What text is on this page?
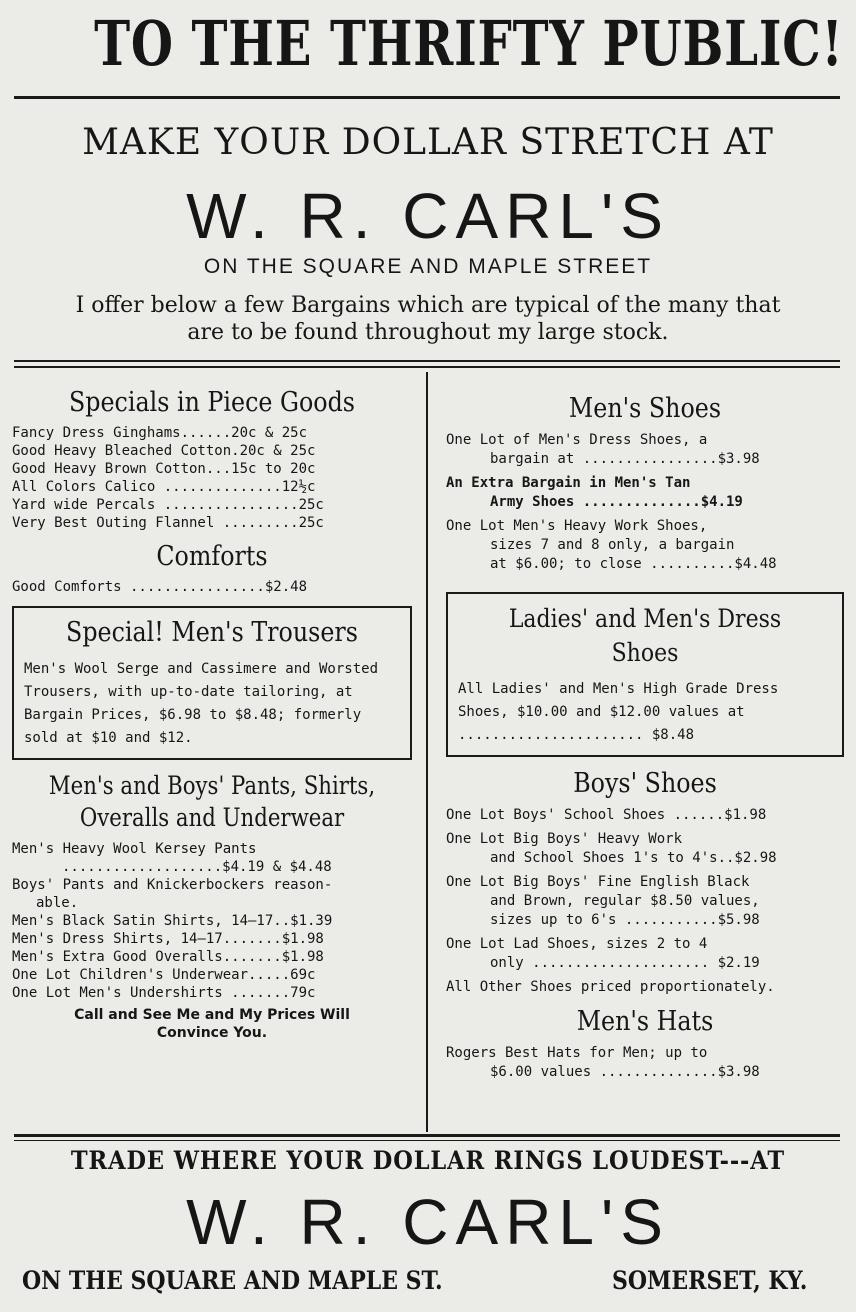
TO THE THRIFTY PUBLIC!
MAKE YOUR DOLLAR STRETCH AT
W. R. CARL'S
ON THE SQUARE AND MAPLE STREET
I offer below a few Bargains which are typical of the many that
are to be found throughout my large stock.
Specials in Piece Goods
Fancy Dress Ginghams......20c & 25c
Good Heavy Bleached Cotton.20c & 25c
Good Heavy Brown Cotton...15c to 20c
All Colors Calico ..............12½c
Yard wide Percals ................25c
Very Best Outing Flannel .........25c
Comforts
Good Comforts ................$2.48
Special! Men's Trousers
Men's Wool Serge and Cassimere and Worsted Trousers, with up-to-date tailoring, at Bargain Prices, $6.98 to $8.48; formerly sold at $10 and $12.
Men's and Boys' Pants, Shirts,
Overalls and Underwear
Men's Heavy Wool Kersey Pants
...................$4.19 & $4.48
Boys' Pants and Knickerbockers reason-
able.
Men's Black Satin Shirts, 14—17..$1.39
Men's Dress Shirts, 14—17.......$1.98
Men's Extra Good Overalls.......$1.98
One Lot Children's Underwear.....69c
One Lot Men's Undershirts .......79c
Call and See Me and My Prices Will
Convince You.
Men's Shoes
One Lot of Men's Dress Shoes, a
bargain at ................$3.98
An Extra Bargain in Men's Tan
Army Shoes ..............$4.19
One Lot Men's Heavy Work Shoes,
sizes 7 and 8 only, a bargain
at $6.00; to close ..........$4.48
Ladies' and Men's Dress Shoes
All Ladies' and Men's High Grade Dress Shoes, $10.00 and $12.00 values at ...................... $8.48
Boys' Shoes
One Lot Boys' School Shoes ......$1.98
One Lot Big Boys' Heavy Work
and School Shoes 1's to 4's..$2.98
One Lot Big Boys' Fine English Black
and Brown, regular $8.50 values,
sizes up to 6's ...........$5.98
One Lot Lad Shoes, sizes 2 to 4
only ..................... $2.19
All Other Shoes priced proportionately.
Men's Hats
Rogers Best Hats for Men; up to
$6.00 values ..............$3.98
TRADE WHERE YOUR DOLLAR RINGS LOUDEST---AT
W. R. CARL'S
ON THE SQUARE AND MAPLE ST.	SOMERSET, KY.
